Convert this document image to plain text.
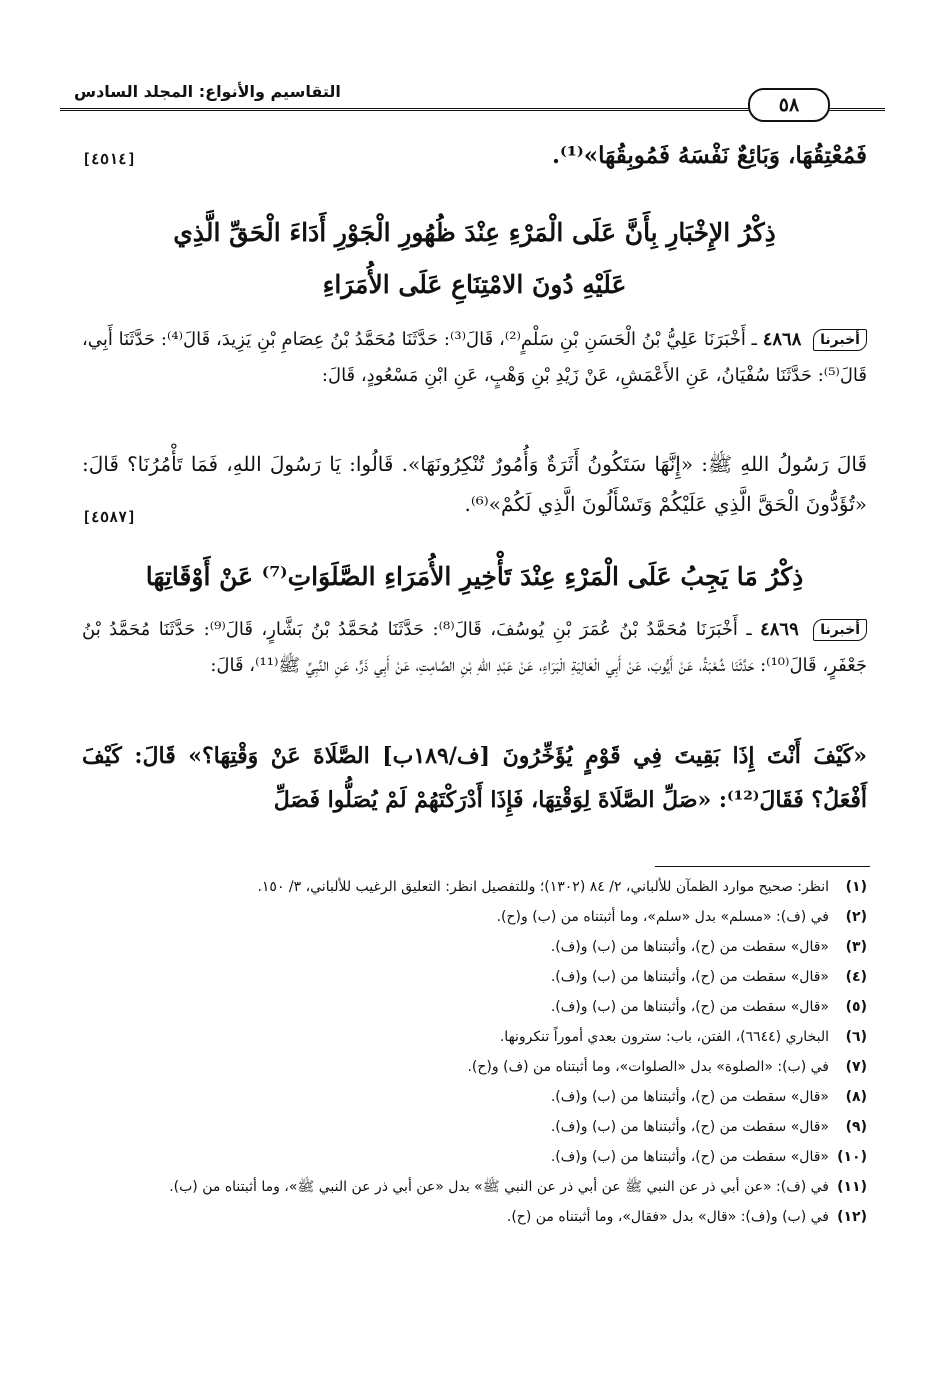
٥٨
التقاسيم والأنواع: المجلد السادس
فَمُعْتِقُهَا، وَبَائِعٌ نَفْسَهُ فَمُوبِقُهَا»⁽¹⁾.
[٤٥١٤]
ذِكْرُ الإِخْبَارِ بِأَنَّ عَلَى الْمَرْءِ عِنْدَ ظُهُورِ الْجَوْرِ أَدَاءَ الْحَقِّ الَّذِي
عَلَيْهِ دُونَ الامْتِنَاعِ عَلَى الأُمَرَاءِ
أخبرنا ٤٨٦٨ ـ أَخْبَرَنَا عَلِيُّ بْنُ الْحَسَنِ بْنِ سَلْمٍ⁽²⁾، قَالَ⁽³⁾: حَدَّثَنَا مُحَمَّدُ بْنُ عِصَامِ بْنِ يَزِيدَ، قَالَ⁽⁴⁾: حَدَّثَنَا أَبِي، قَالَ⁽⁵⁾: حَدَّثَنَا سُفْيَانُ، عَنِ الأَعْمَشِ، عَنْ زَيْدِ بْنِ وَهْبٍ، عَنِ ابْنِ مَسْعُودٍ، قَالَ:
قَالَ رَسُولُ اللهِ ﷺ: «إِنَّهَا سَتَكُونُ أَثَرَةٌ وَأُمُورٌ تُنْكِرُونَهَا». قَالُوا: يَا رَسُولَ اللهِ، فَمَا تَأْمُرُنَا؟ قَالَ: «تُؤَدُّونَ الْحَقَّ الَّذِي عَلَيْكُمْ وَتَسْأَلُونَ الَّذِي لَكُمْ»⁽⁶⁾.
[٤٥٨٧]
ذِكْرُ مَا يَجِبُ عَلَى الْمَرْءِ عِنْدَ تَأْخِيرِ الأُمَرَاءِ الصَّلَوَاتِ⁽⁷⁾ عَنْ أَوْقَاتِهَا
أخبرنا ٤٨٦٩ ـ أَخْبَرَنَا مُحَمَّدُ بْنُ عُمَرَ بْنِ يُوسُفَ، قَالَ⁽⁸⁾: حَدَّثَنَا مُحَمَّدُ بْنُ بَشَّارٍ، قَالَ⁽⁹⁾: حَدَّثَنَا مُحَمَّدُ بْنُ جَعْفَرٍ، قَالَ⁽¹⁰⁾: حَدَّثَنَا شُعْبَةُ، عَنْ أَيُّوبَ، عَنْ أَبِي الْعَالِيَةِ الْبَرَاءِ، عَنْ عَبْدِ اللهِ بْنِ الصَّامِتِ، عَنْ أَبِي ذَرٍّ، عَنِ النَّبِيِّ ﷺ⁽¹¹⁾، قَالَ:
«كَيْفَ أَنْتَ إِذَا بَقِيتَ فِي قَوْمٍ يُؤَخِّرُونَ [ف/١٨٩ب] الصَّلَاةَ عَنْ وَقْتِهَا؟» قَالَ: كَيْفَ أَفْعَلُ؟ فَقَالَ⁽¹²⁾: «صَلِّ الصَّلَاةَ لِوَقْتِهَا، فَإِذَا أَدْرَكْتَهُمْ لَمْ يُصَلُّوا فَصَلِّ
(١)
انظر: صحيح موارد الظمآن للألباني، ٢/ ٨٤ (١٣٠٢)؛ وللتفصيل انظر: التعليق الرغيب للألباني، ٣/ ١٥٠.
(٢)
في (ف): «مسلم» بدل «سلم»، وما أثبتناه من (ب) و(ح).
(٣)
«قال» سقطت من (ح)، وأثبتناها من (ب) و(ف).
(٤)
«قال» سقطت من (ح)، وأثبتناها من (ب) و(ف).
(٥)
«قال» سقطت من (ح)، وأثبتناها من (ب) و(ف).
(٦)
البخاري (٦٦٤٤)، الفتن، باب: سترون بعدي أموراً تنكرونها.
(٧)
في (ب): «الصلوة» بدل «الصلوات»، وما أثبتناه من (ف) و(ح).
(٨)
«قال» سقطت من (ح)، وأثبتناها من (ب) و(ف).
(٩)
«قال» سقطت من (ح)، وأثبتناها من (ب) و(ف).
(١٠)
«قال» سقطت من (ح)، وأثبتناها من (ب) و(ف).
(١١)
في (ف): «عن أبي ذر عن النبي ﷺ عن أبي ذر عن النبي ﷺ» بدل «عن أبي ذر عن النبي ﷺ»، وما أثبتناه من (ب).
(١٢)
في (ب) و(ف): «قال» بدل «فقال»، وما أثبتناه من (ح).
